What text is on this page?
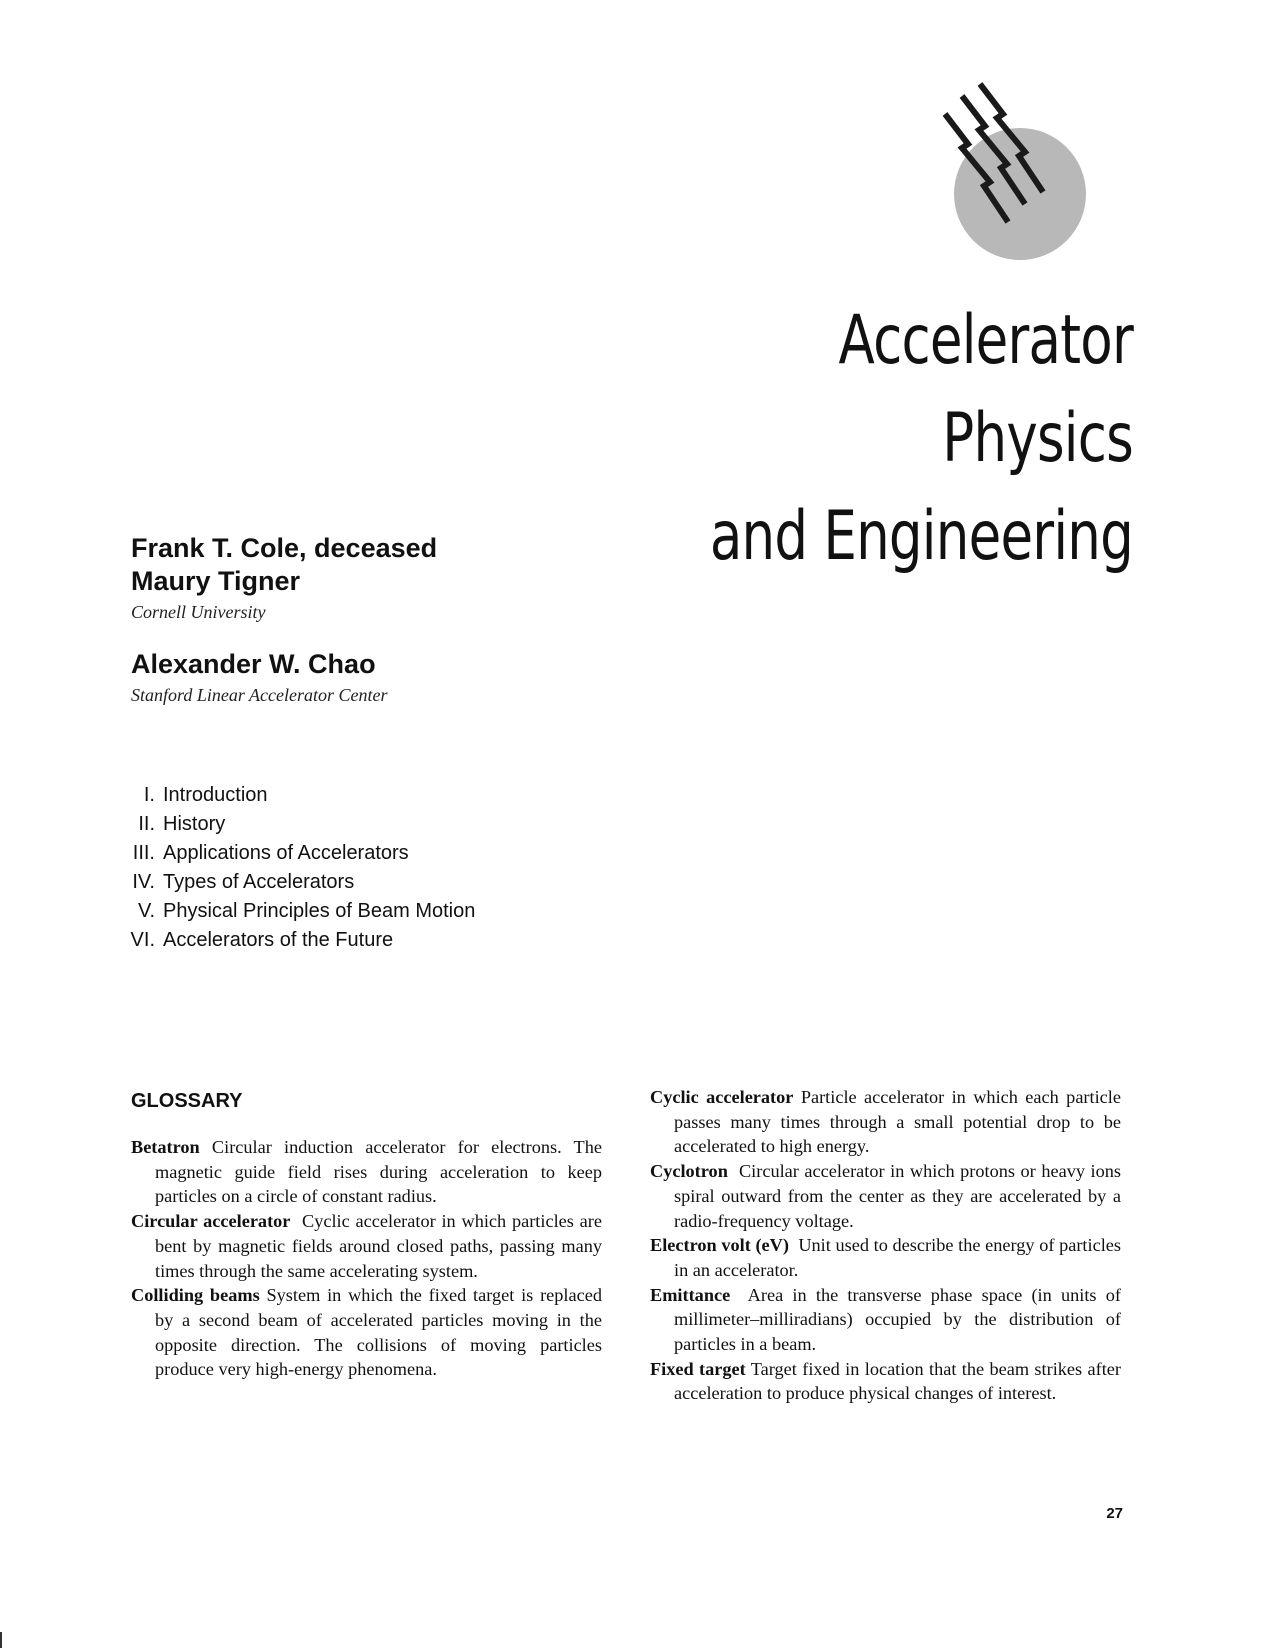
Accelerator Physics
and Engineering
Frank T. Cole, deceased
Maury Tigner
Cornell University
Alexander W. Chao
Stanford Linear Accelerator Center
I. Introduction
II. History
III. Applications of Accelerators
IV. Types of Accelerators
V. Physical Principles of Beam Motion
VI. Accelerators of the Future
GLOSSARY

Betatron Circular induction accelerator for electrons. The magnetic guide field rises during acceleration to keep particles on a circle of constant radius.

Circular accelerator Cyclic accelerator in which particles are bent by magnetic fields around closed paths, passing many times through the same accelerating system.

Colliding beams System in which the fixed target is replaced by a second beam of accelerated particles moving in the opposite direction. The collisions of moving particles produce very high-energy phenomena.

Cyclic accelerator Particle accelerator in which each particle passes many times through a small potential drop to be accelerated to high energy.

Cyclotron Circular accelerator in which protons or heavy ions spiral outward from the center as they are accelerated by a radio-frequency voltage.

Electron volt (eV) Unit used to describe the energy of particles in an accelerator.

Emittance Area in the transverse phase space (in units of millimeter–milliradians) occupied by the distribution of particles in a beam.

Fixed target Target fixed in location that the beam strikes after acceleration to produce physical changes of interest.

27
